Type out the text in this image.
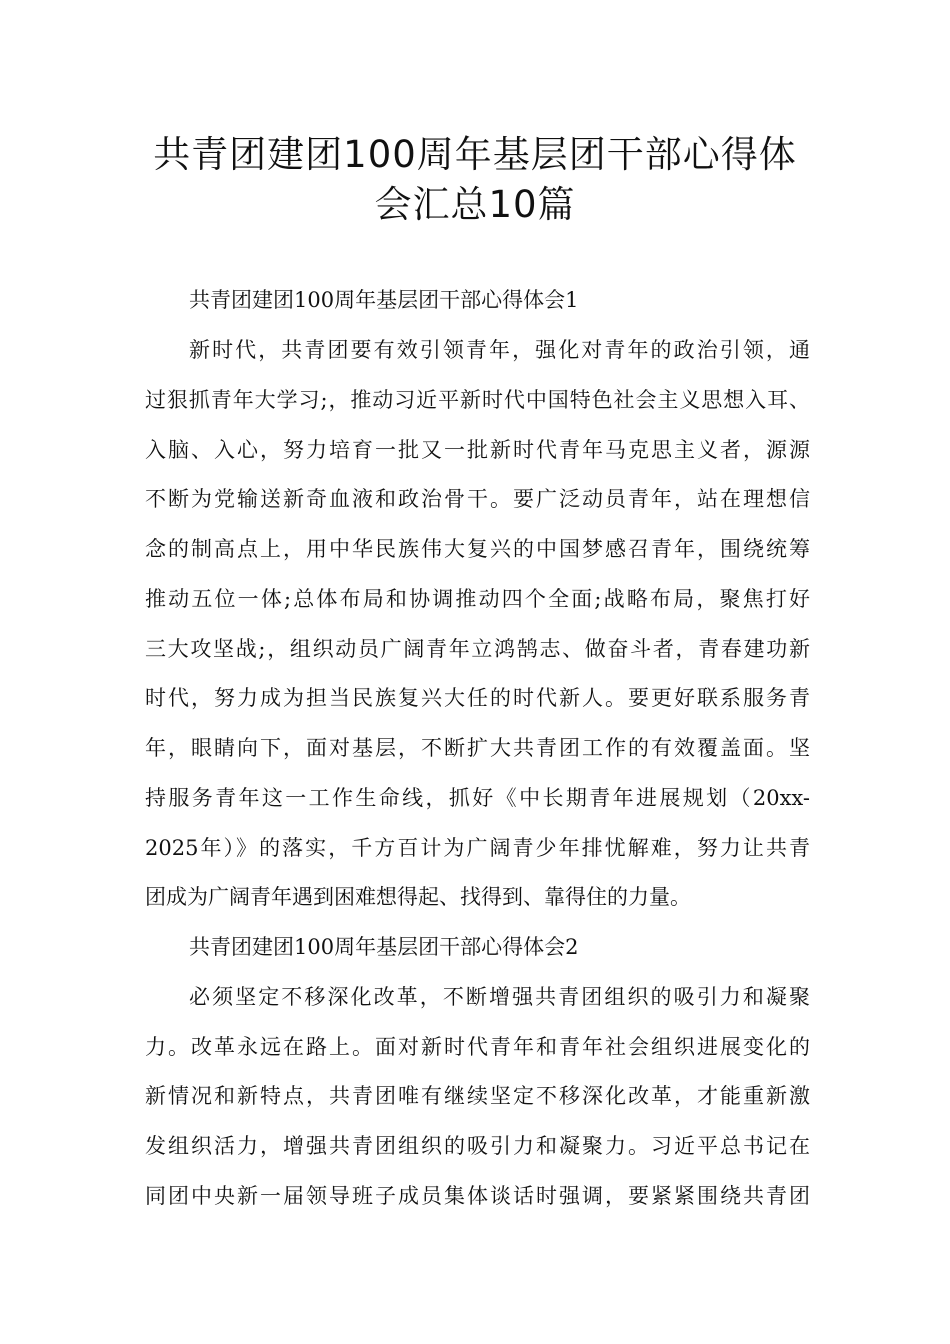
共青团建团100周年基层团干部心得体
会汇总10篇
共青团建团100周年基层团干部心得体会1
新时代，共青团要有效引领青年，强化对青年的政治引领，通
过狠抓青年大学习;，推动习近平新时代中国特色社会主义思想入耳、
入脑、入心，努力培育一批又一批新时代青年马克思主义者，源源
不断为党输送新奇血液和政治骨干。要广泛动员青年，站在理想信
念的制高点上，用中华民族伟大复兴的中国梦感召青年，围绕统筹
推动五位一体;总体布局和协调推动四个全面;战略布局，聚焦打好
三大攻坚战;，组织动员广阔青年立鸿鹄志、做奋斗者，青春建功新
时代，努力成为担当民族复兴大任的时代新人。要更好联系服务青
年，眼睛向下，面对基层，不断扩大共青团工作的有效覆盖面。坚
持服务青年这一工作生命线，抓好《中长期青年进展规划（20xx-
2025年）》的落实，千方百计为广阔青少年排忧解难，努力让共青
团成为广阔青年遇到困难想得起、找得到、靠得住的力量。
共青团建团100周年基层团干部心得体会2
必须坚定不移深化改革，不断增强共青团组织的吸引力和凝聚
力。改革永远在路上。面对新时代青年和青年社会组织进展变化的
新情况和新特点，共青团唯有继续坚定不移深化改革，才能重新激
发组织活力，增强共青团组织的吸引力和凝聚力。习近平总书记在
同团中央新一届领导班子成员集体谈话时强调，要紧紧围绕共青团
